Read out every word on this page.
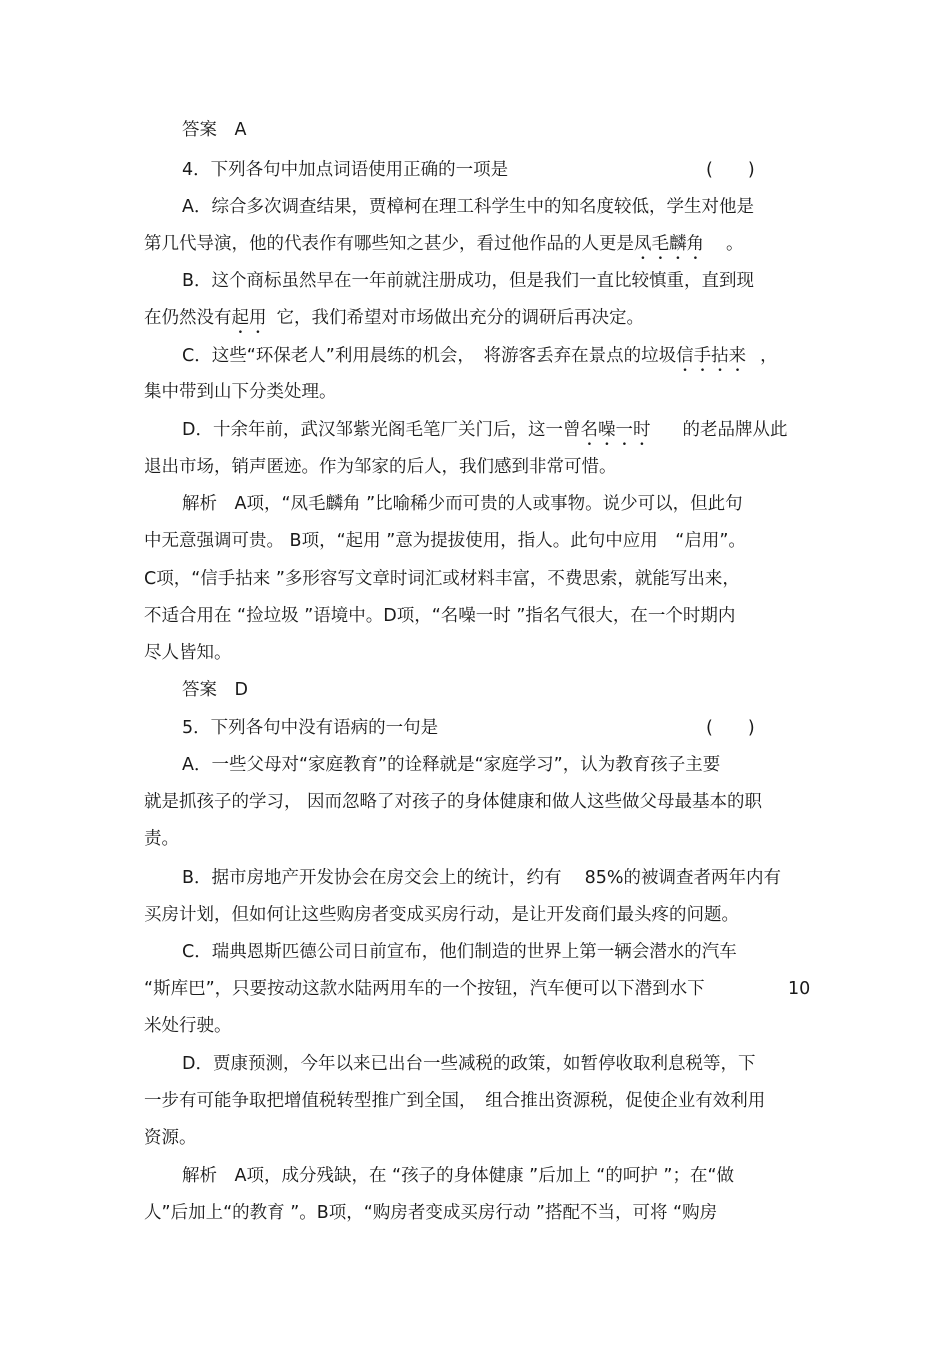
答案　A
4．下列各句中加点词语使用正确的一项是	(　　)
A．综合多次调查结果，贾樟柯在理工科学生中的知名度较低，学生对他是
第几代导演，他的代表作有哪些知之甚少，看过他作品的人更是凤毛麟角 。
B．这个商标虽然早在一年前就注册成功，但是我们一直比较慎重，直到现
在仍然没有起用 它，我们希望对市场做出充分的调研后再决定。
C．这些“环保老人”利用晨练的机会，　将游客丢弃在景点的垃圾信手拈来 ，
集中带到山下分类处理。
D．十余年前，武汉邹紫光阁毛笔厂关门后，这一曾名噪一时 的老品牌从此
退出市场，销声匿迹。作为邹家的后人，我们感到非常可惜。
解析　A项，“凤毛麟角 ”比喻稀少而可贵的人或事物。说少可以，但此句
中无意强调可贵。 B项，“起用 ”意为提拔使用，指人。此句中应用　“启用”。
C项，“信手拈来 ”多形容写文章时词汇或材料丰富，不费思索，就能写出来，
不适合用在 “捡垃圾 ”语境中。D项，“名噪一时 ”指名气很大，在一个时期内
尽人皆知。
答案　D
5．下列各句中没有语病的一句是	(　　)
A．一些父母对“家庭教育”的诠释就是“家庭学习”，认为教育孩子主要
就是抓孩子的学习， 因而忽略了对孩子的身体健康和做人这些做父母最基本的职
责。
B．据市房地产开发协会在房交会上的统计，约有　 85%的被调查者两年内有
买房计划，但如何让这些购房者变成买房行动，是让开发商们最头疼的问题。
C．瑞典恩斯匹德公司日前宣布，他们制造的世界上第一辆会潜水的汽车
“斯库巴”，只要按动这款水陆两用车的一个按钮，汽车便可以下潜到水下	10
米处行驶。
D．贾康预测，今年以来已出台一些减税的政策，如暂停收取利息税等，下
一步有可能争取把增值税转型推广到全国，　组合推出资源税，促使企业有效利用
资源。
解析　A项，成分残缺，在 “孩子的身体健康 ”后加上 “的呵护 ”；在“做
人”后加上“的教育 ”。B项，“购房者变成买房行动 ”搭配不当，可将 “购房
